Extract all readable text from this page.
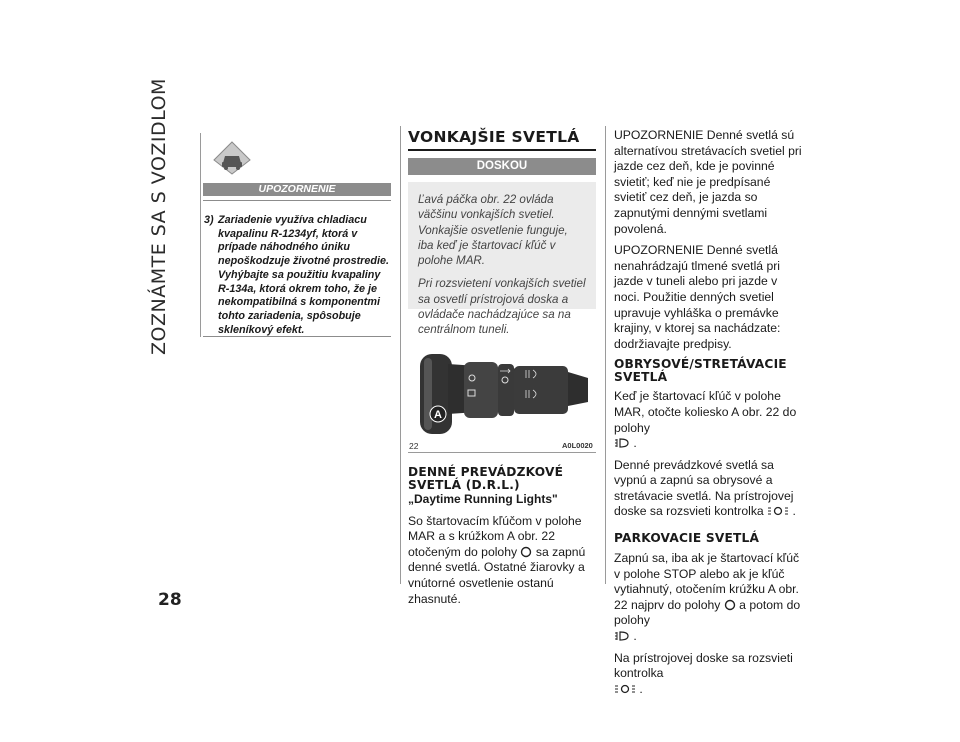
ZOZNÁMTE SA S VOZIDLOM
28
UPOZORNENIE
3) Zariadenie využíva chladiacu
kvapalinu R-1234yf, ktorá v prípade náhodného úniku nepoškodzuje životné prostredie. Vyhýbajte sa použitiu kvapaliny R-134a, ktorá okrem toho, že je nekompatibilná s komponentmi tohto zariadenia, spôsobuje skleníkový efekt.
VONKAJŠIE SVETLÁ
DOSKOU

Ľavá páčka obr. 22 ovláda väčšinu vonkajších svetiel. Vonkajšie osvetlenie funguje, iba keď je štartovací kľúč v polohe MAR.

Pri rozsvietení vonkajších svetiel sa osvetlí prístrojová doska a ovládače nachádzajúce sa na centrálnom tuneli.

A
22	A0L0020
DENNÉ PREVÁDZKOVÉ
SVETLÁ (D.R.L.)

„Daytime Running Lights"

So štartovacím kľúčom v polohe MAR a s krúžkom A obr. 22 otočeným do polohy sa zapnú denné svetlá. Ostatné žiarovky a vnútorné osvetlenie ostanú zhasnuté.

UPOZORNENIE Denné svetlá sú alternatívou stretávacích svetiel pri jazde cez deň, kde je povinné svietiť; keď nie je predpísané svietiť cez deň, je jazda so zapnutými dennými svetlami povolená.

UPOZORNENIE Denné svetlá nenahrádzajú tlmené svetlá pri jazde v tuneli alebo pri jazde v noci. Použitie denných svetiel upravuje vyhláška o premávke krajiny, v ktorej sa nachádzate: dodržiavajte predpisy.

OBRYSOVÉ/STRETÁVACIE
SVETLÁ

Keď je štartovací kľúč v polohe MAR, otočte koliesko A obr. 22 do polohy
.

Denné prevádzkové svetlá sa vypnú a zapnú sa obrysové a stretávacie svetlá. Na prístrojovej doske sa rozsvieti kontrolka .

PARKOVACIE SVETLÁ

Zapnú sa, iba ak je štartovací kľúč v polohe STOP alebo ak je kľúč vytiahnutý, otočením krúžku A obr. 22 najprv do polohy a potom do polohy
.

Na prístrojovej doske sa rozsvieti kontrolka
.
